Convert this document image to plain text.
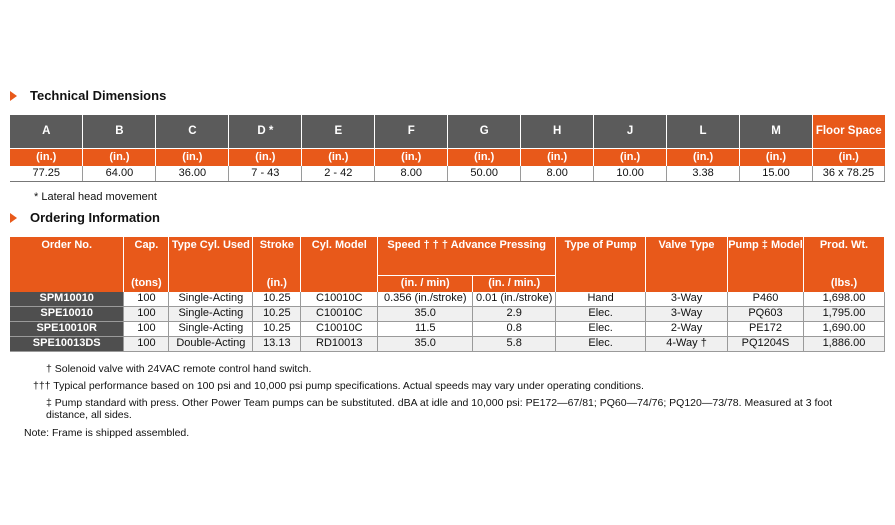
Technical Dimensions
A	B	C	D *	E	F	G	H	J	L	M	Floor Space
(in.)	(in.)	(in.)	(in.)	(in.)	(in.)	(in.)	(in.)	(in.)	(in.)	(in.)	(in.)
77.25	64.00	36.00	7 - 43	2 - 42	8.00	50.00	8.00	10.00	3.38	15.00	36 x 78.25
* Lateral head movement
Ordering Information
Order No.	Cap.	Type Cyl. Used	Stroke	Cyl. Model	Speed † † † Advance Pressing		Type of Pump	Valve Type	Pump ‡ Model	Prod. Wt.

	(tons)		(in.)		(in. / min)	(in. / min.)				(lbs.)
SPM10010	100	Single-Acting	10.25	C10010C	0.356 (in./stroke)	0.01 (in./stroke)	Hand	3-Way	P460	1,698.00
SPE10010	100	Single-Acting	10.25	C10010C	35.0	2.9	Elec.	3-Way	PQ603	1,795.00
SPE10010R	100	Single-Acting	10.25	C10010C	11.5	0.8	Elec.	2-Way	PE172	1,690.00
SPE10013DS	100	Double-Acting	13.13	RD10013	35.0	5.8	Elec.	4-Way †	PQ1204S	1,886.00
† Solenoid valve with 24VAC remote control hand switch.
††† Typical performance based on 100 psi and 10,000 psi pump specifications. Actual speeds may vary under operating conditions.
‡ Pump standard with press. Other Power Team pumps can be substituted. dBA at idle and 10,000 psi: PE172—67/81; PQ60—74/76; PQ120—73/78. Measured at 3 foot distance, all sides.
Note: Frame is shipped assembled.
